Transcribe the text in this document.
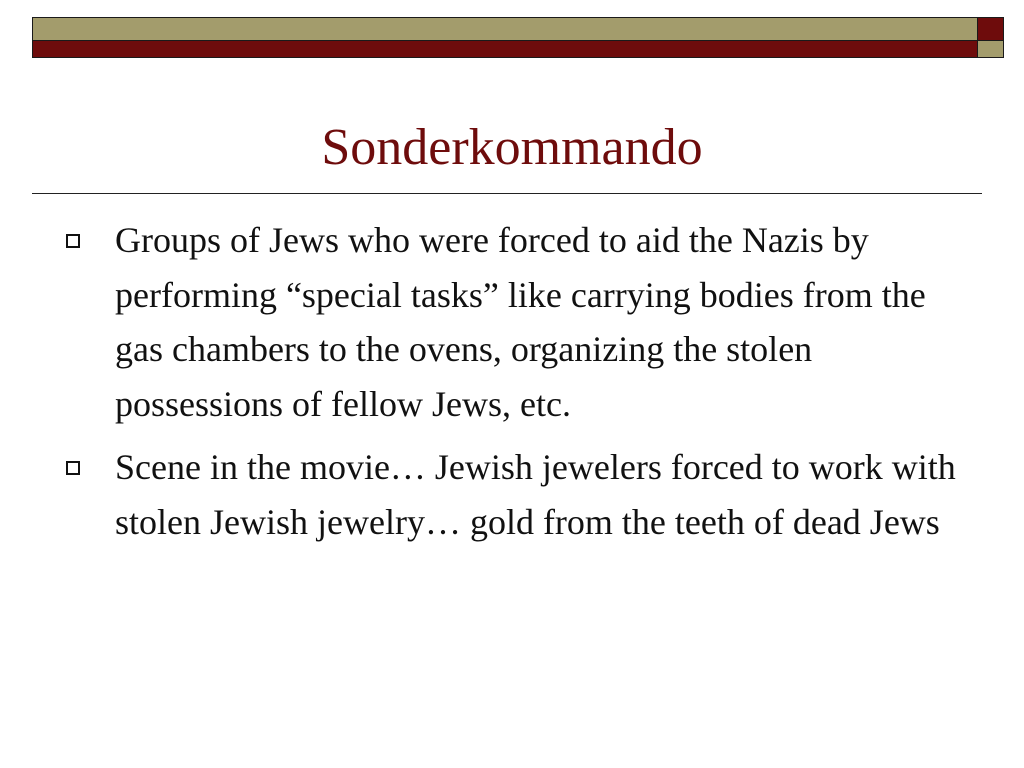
Sonderkommando
Groups of Jews who were forced to aid the Nazis by performing “special tasks” like carrying bodies from the gas chambers to the ovens, organizing the stolen possessions of fellow Jews, etc.
Scene in the movie… Jewish jewelers forced to work with stolen Jewish jewelry… gold from the teeth of dead Jews
